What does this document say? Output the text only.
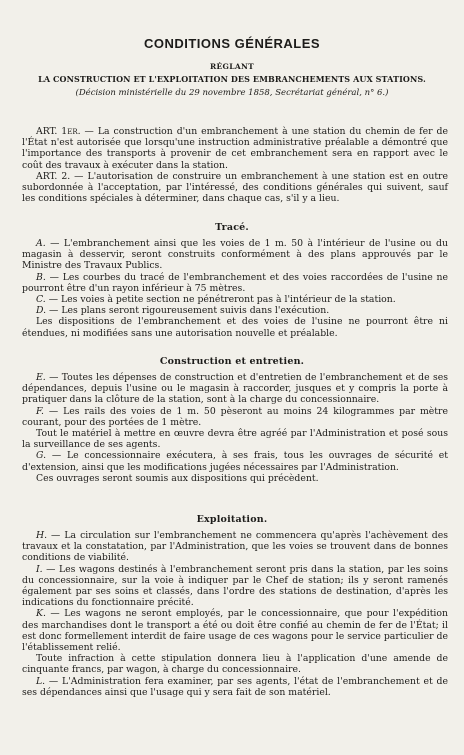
CONDITIONS GÉNÉRALES
RÉGLANT
LA CONSTRUCTION ET L'EXPLOITATION DES EMBRANCHEMENTS AUX STATIONS.
(Décision ministérielle du 29 novembre 1858, Secrétariat général, n° 6.)

ART. 1er. — La construction d'un embranchement à une station du chemin de fer de l'État n'est autorisée que lorsqu'une instruction administrative préalable a démontré que l'importance des transports à provenir de cet embranchement sera en rapport avec le coût des travaux à exécuter dans la station.

ART. 2. — L'autorisation de construire un embranchement à une station est en outre subordonnée à l'acceptation, par l'intéressé, des conditions générales qui suivent, sauf les conditions spéciales à déterminer, dans chaque cas, s'il y a lieu.

Tracé.

A. — L'embranchement ainsi que les voies de 1 m. 50 à l'intérieur de l'usine ou du magasin à desservir, seront construits conformément à des plans approuvés par le Ministre des Travaux Publics.

B. — Les courbes du tracé de l'embranchement et des voies raccordées de l'usine ne pourront être d'un rayon inférieur à 75 mètres.

C. — Les voies à petite section ne pénétreront pas à l'intérieur de la station.

D. — Les plans seront rigoureusement suivis dans l'exécution.

Les dispositions de l'embranchement et des voies de l'usine ne pourront être ni étendues, ni modifiées sans une autorisation nouvelle et préalable.

Construction et entretien.

E. — Toutes les dépenses de construction et d'entretien de l'embranchement et de ses dépendances, depuis l'usine ou le magasin à raccorder, jusques et y compris la porte à pratiquer dans la clôture de la station, sont à la charge du concessionnaire.

F. — Les rails des voies de 1 m. 50 pèseront au moins 24 kilogrammes par mètre courant, pour des portées de 1 mètre.

Tout le matériel à mettre en œuvre devra être agréé par l'Administration et posé sous la surveillance de ses agents.

G. — Le concessionnaire exécutera, à ses frais, tous les ouvrages de sécurité et d'extension, ainsi que les modifications jugées nécessaires par l'Administration.

Ces ouvrages seront soumis aux dispositions qui précèdent.

Exploitation.

H. — La circulation sur l'embranchement ne commencera qu'après l'achèvement des travaux et la constatation, par l'Administration, que les voies se trouvent dans de bonnes conditions de viabilité.

I. — Les wagons destinés à l'embranchement seront pris dans la station, par les soins du concessionnaire, sur la voie à indiquer par le Chef de station; ils y seront ramenés également par ses soins et classés, dans l'ordre des stations de destination, d'après les indications du fonctionnaire précité.

K. — Les wagons ne seront employés, par le concessionnaire, que pour l'expédition des marchandises dont le transport a été ou doit être confié au chemin de fer de l'État; il est donc formellement interdit de faire usage de ces wagons pour le service particulier de l'établissement relié.

Toute infraction à cette stipulation donnera lieu à l'application d'une amende de cinquante francs, par wagon, à charge du concessionnaire.

L. — L'Administration fera examiner, par ses agents, l'état de l'embranchement et de ses dépendances ainsi que l'usage qui y sera fait de son matériel.
